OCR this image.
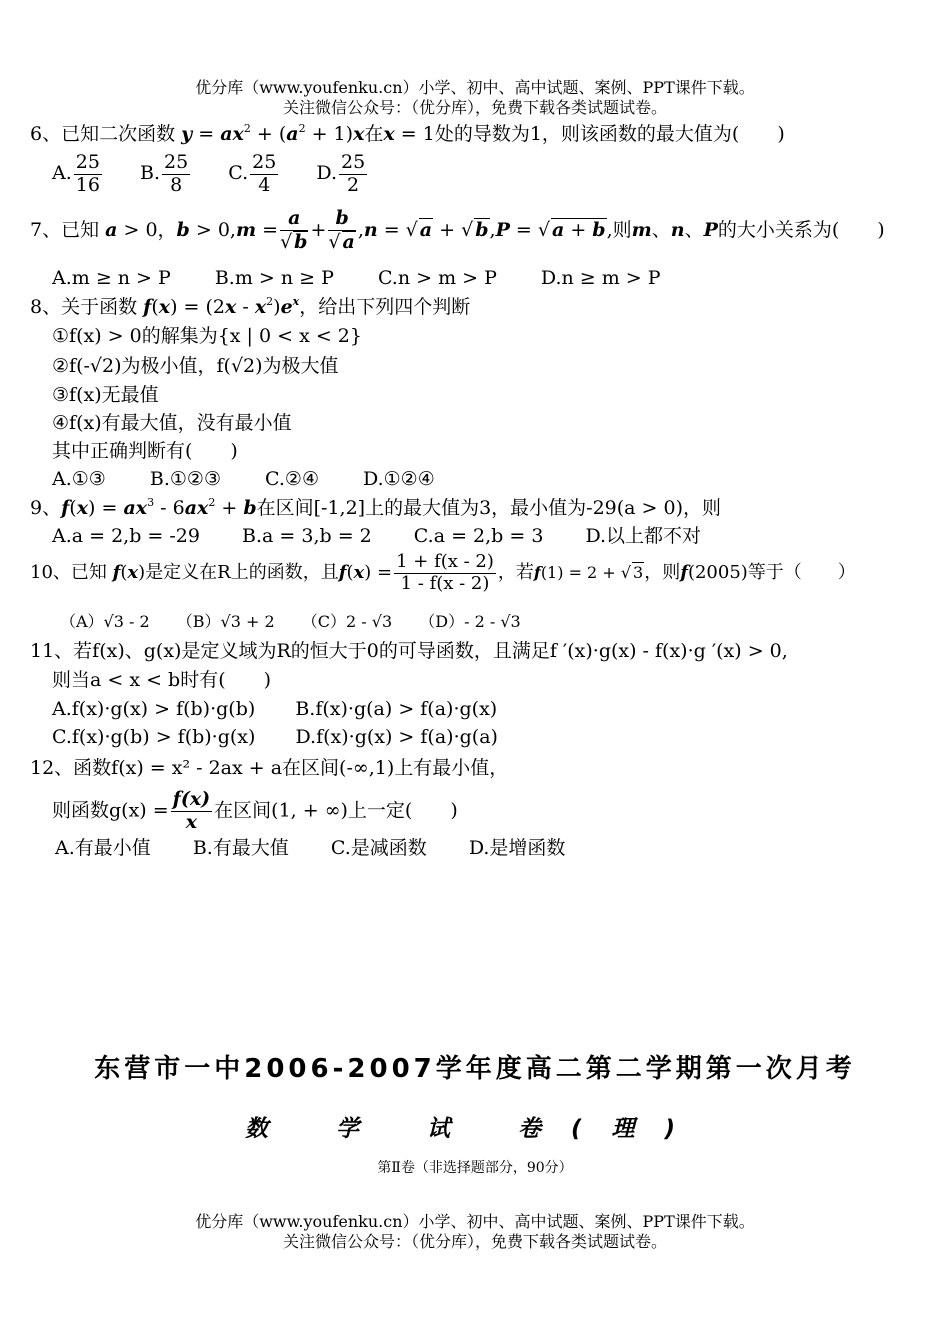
优分库（www.youfenku.cn）小学、初中、高中试题、案例、PPT课件下载。
关注微信公众号：（优分库），免费下载各类试题试卷。
6、已知二次函数 $y = ax^2 + (a^2 + 1)x$在x = 1处的导数为1，则该函数的最大值为(　　)
A. $\frac{25}{16} B$. $\frac{25}{8} C$. $\frac{25}{4} D$. $\frac{25}{2}$
7、已知 a > 0，$b > 0,m = \frac{a}{√ b} + \frac{b}{√ a} ,n$ = √ a + √ b,P = √ a + b,则m、n、P的大小关系为(　　)
A.m ≥ n > P B.m > n ≥ P C.n > m > P D.n ≥ m > P
8、关于函数 $f(x) = (2x - x^2)e^x$，给出下列四个判断
①f(x) > 0的解集为{x | 0 < x < 2}
②f(-√2)为极小值，f(√2)为极大值
③f(x)无最值
④f(x)有最大值，没有最小值
其中正确判断有(　　)
A.①③ B.①②③ C.②④ D.①②④
9、$f(x) = ax^3 - 6ax^2 + b$在区间[-1,2]上的最大值为3，最小值为-29(a > 0)，则
A.a = 2,b = -29 B.a = 3,b = 2 C.a = 2,b = 3 D.以上都不对
10、已知 f(x)是定义在R上的函数，且$f(x) = \frac{1 + f(x - 2)}{1 - f(x - 2)}$ ，若f(1) = 2 + √ 3，则f(2005)等于（　　）
（A）√3 - 2 （B）√3 + 2 （C）2 - √3 （D）- 2 - √3
11、若f(x)、g(x)是定义域为R的恒大于0的可导函数，且满足f ′(x)·g(x) - f(x)·g ′(x) > 0,
则当a < x < b时有(　　)
A.f(x)·g(x) > f(b)·g(b) B.f(x)·g(a) > f(a)·g(x)
C.f(x)·g(b) > f(b)·g(x) D.f(x)·g(x) > f(a)·g(a)
12、函数f(x) = x² - 2ax + a在区间(-∞,1)上有最小值，
则函数$g(x) = \frac{f(x)}{x}$ 在区间(1, + ∞)上一定(　　)
A.有最小值 B.有最大值 C.是减函数 D.是增函数
东营市一中2006-2007学年度高二第二学期第一次月考
数 学 试 卷(理)
第Ⅱ卷（非选择题部分，90分）
优分库（www.youfenku.cn）小学、初中、高中试题、案例、PPT课件下载。
关注微信公众号：（优分库），免费下载各类试题试卷。
